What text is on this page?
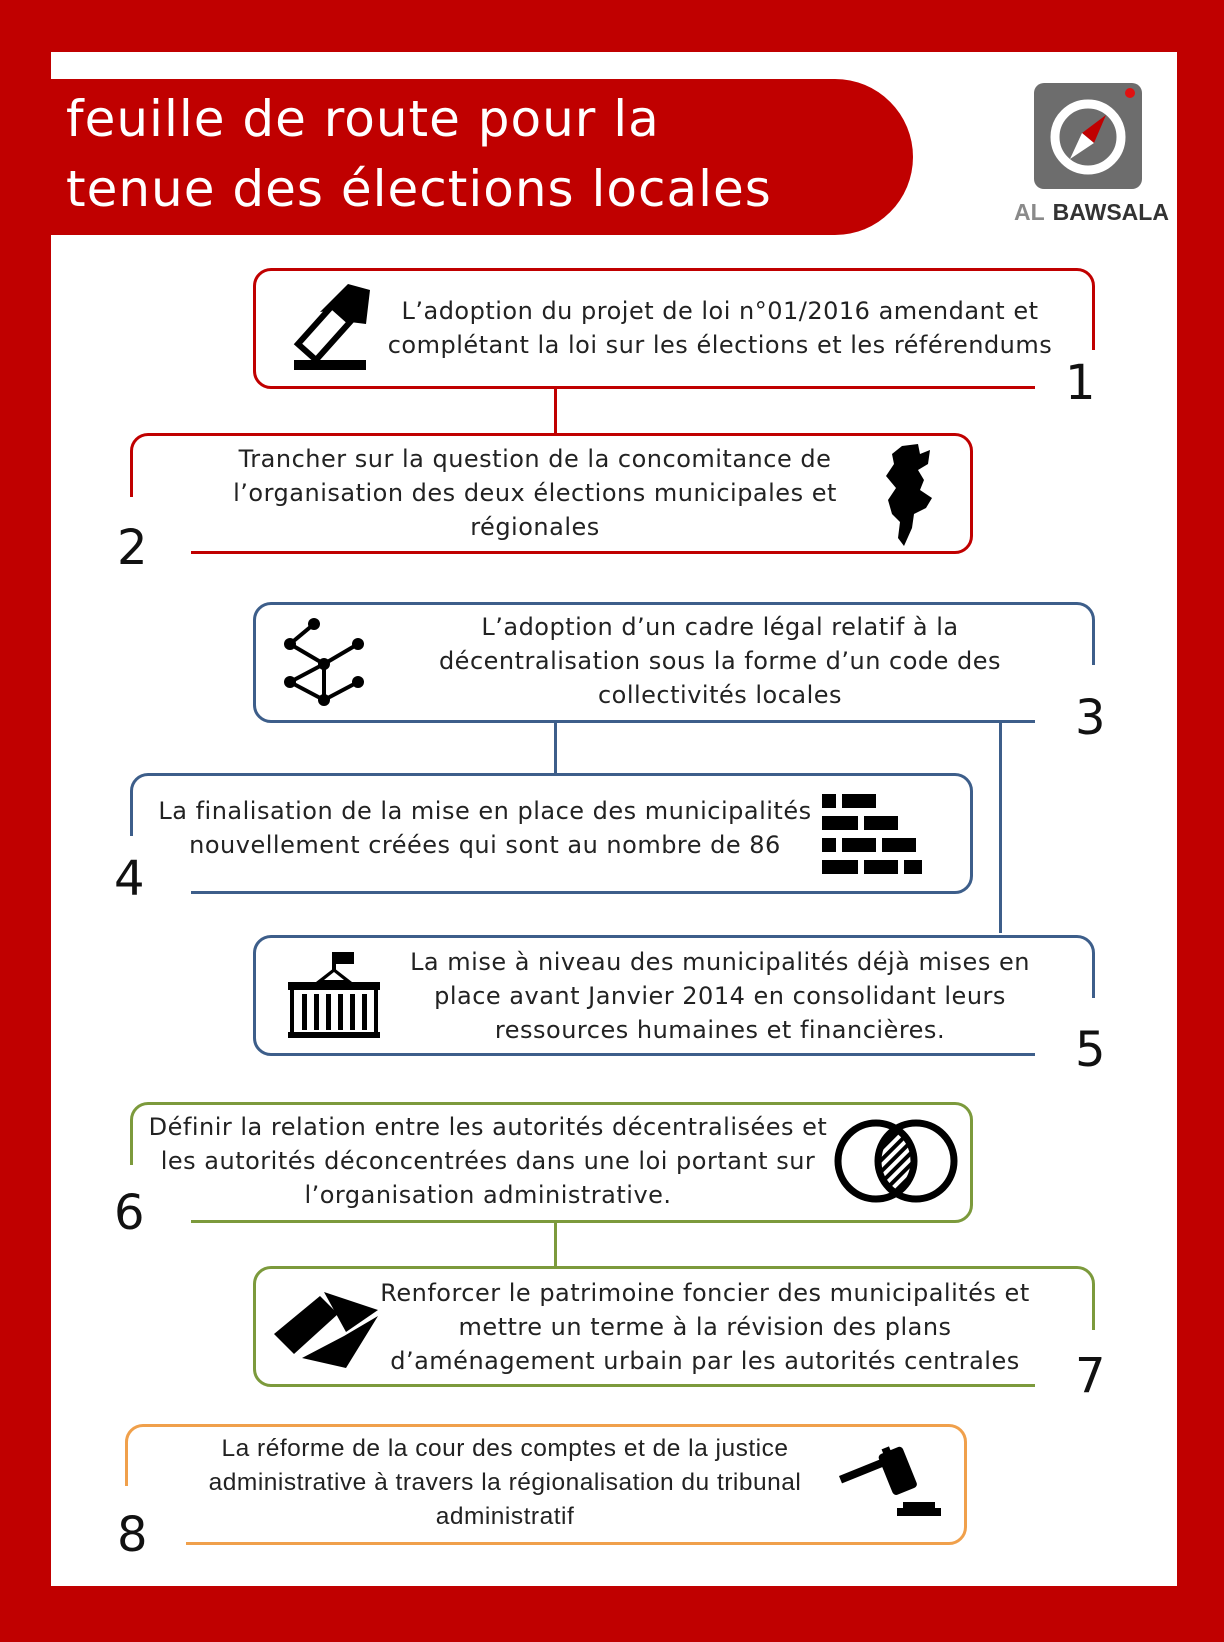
feuille de route pour la
tenue des élections locales	AL BAWSALA
1
L’adoption du projet de loi n°01/2016 amendant et complétant la loi sur les élections et les référendums
2
Trancher sur la question de la concomitance de l’organisation des deux élections municipales et régionales
3
L’adoption d’un cadre légal relatif à la décentralisation sous la forme d’un code des collectivités locales
4
La finalisation de la mise en place des municipalités nouvellement créées qui sont au nombre de 86
5
La mise à niveau des municipalités déjà mises en place avant Janvier 2014 en consolidant leurs ressources humaines et financières.
6
Définir la relation entre les autorités décentralisées et les autorités déconcentrées dans une loi portant sur l’organisation administrative.
7
Renforcer le patrimoine foncier des municipalités et mettre un terme à la révision des plans d’aménagement urbain par les autorités centrales
8
La réforme de la cour des comptes et de la justice administrative à travers la régionalisation du tribunal administratif
